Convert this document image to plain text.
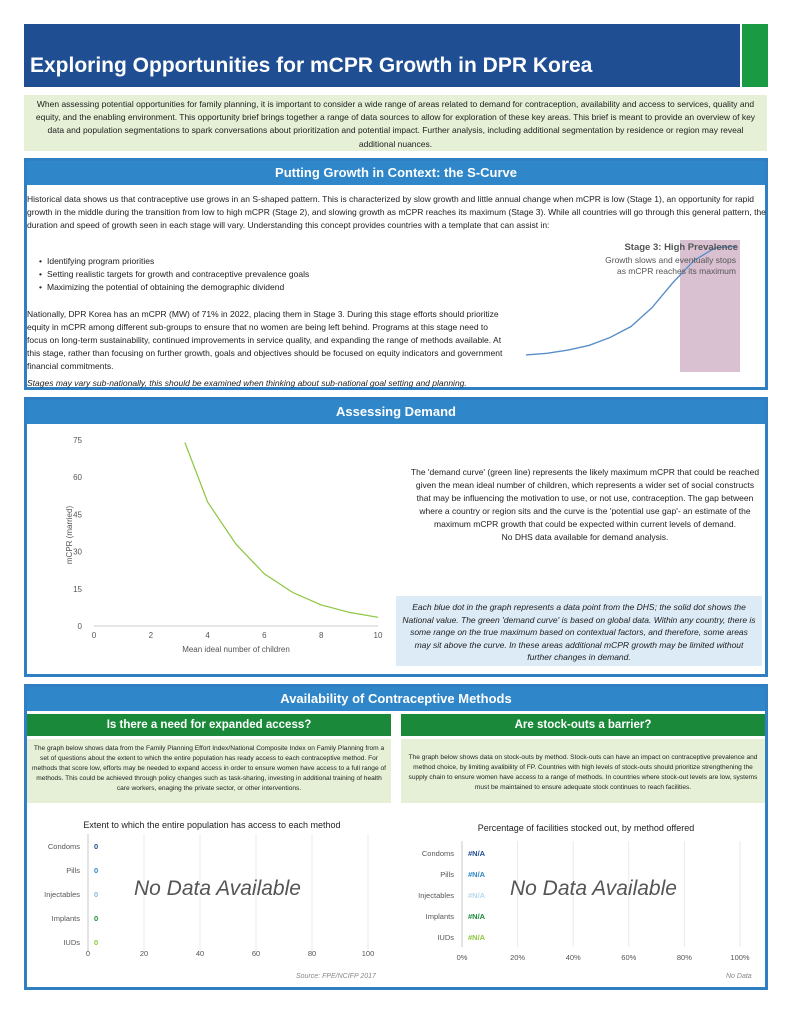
Exploring Opportunities for mCPR Growth in DPR Korea
When assessing potential opportunities for family planning, it is important to consider a wide range of areas related to demand for contraception, availability and access to services, quality and equity, and the enabling environment. This opportunity brief brings together a range of data sources to allow for exploration of these key areas. This brief is meant to provide an overview of key data and population segmentations to spark conversations about prioritization and potential impact. Further analysis, including additional segmentation by residence or region may reveal additional nuances.
Putting Growth in Context: the S-Curve
Historical data shows us that contraceptive use grows in an S-shaped pattern. This is characterized by slow growth and little annual change when mCPR is low (Stage 1), an opportunity for rapid growth in the middle during the transition from low to high mCPR (Stage 2), and slowing growth as mCPR reaches its maximum (Stage 3). While all countries will go through this general pattern, the duration and speed of growth seen in each stage will vary. Understanding this concept provides countries with a template that can assist in:
• Identifying program priorities
• Setting realistic targets for growth and contraceptive prevalence goals
• Maximizing the potential of obtaining the demographic dividend
Nationally, DPR Korea has an mCPR (MW) of 71% in 2022, placing them in Stage 3. During this stage efforts should prioritize equity in mCPR among different sub-groups to ensure that no women are being left behind. Programs at this stage need to focus on long-term sustainability, continued improvements in service quality, and expanding the range of methods available. At this stage, rather than focusing on further growth, goals and objectives should be focused on equity indicators and government financial commitments.
Stages may vary sub-nationally, this should be examined when thinking about sub-national goal setting and planning.
Stage 3: High Prevalence
Growth slows and eventually stops as mCPR reaches its maximum
Assessing Demand
0
15
30
45
60
75
0	2	4	6	8	10
Mean ideal number of children
mCPR (married)
The 'demand curve' (green line) represents the likely maximum mCPR that could be reached given the mean ideal number of children, which represents a wider set of social constructs that may be influencing the motivation to use, or not use, contraception. The gap between where a country or region sits and the curve is the 'potential use gap'- an estimate of the maximum mCPR growth that could be expected within current levels of demand.
No DHS data available for demand analysis.
Each blue dot in the graph represents a data point from the DHS; the solid dot shows the National value. The green 'demand curve' is based on global data. Within any country, there is some range on the true maximum based on contextual factors, and therefore, some areas may sit above the curve. In these areas additional mCPR growth may be limited without further changes in demand.
Availability of Contraceptive Methods
Is there a need for expanded access?
The graph below shows data from the Family Planning Effort Index/National Composite Index on Family Planning from a set of questions about the extent to which the entire population has ready access to each contraceptive method. For methods that score low, efforts may be needed to expand access in order to ensure women have access to a full range of methods. This could be achieved through policy changes such as task-sharing, investing in additional training of health care workers, enaging the private sector, or other interventions.
Extent to which the entire population has access to each method
Condoms
Pills
Injectables
Implants
IUDs
0
0
0
0
0
0	20	40	60	80	100
No Data Available
Source: FPE/NCIFP 2017
Are stock-outs a barrier?
The graph below shows data on stock-outs by method. Stock-outs can have an impact on contraceptive prevalence and method choice, by limiting avalibility of FP. Countries with high levels of stock-outs should prioritize strengthening the supply chain to ensure women have access to a range of methods. In countries where stock-out levels are low, systems must be maintained to ensure adequate stock continues to reach facilities.
Percentage of facilities stocked out, by method offered
Condoms
Pills
Injectables
Implants
IUDs
#N/A
#N/A
#N/A
#N/A
#N/A
0%	20%	40%	60%	80%	100%
No Data Available
No Data
